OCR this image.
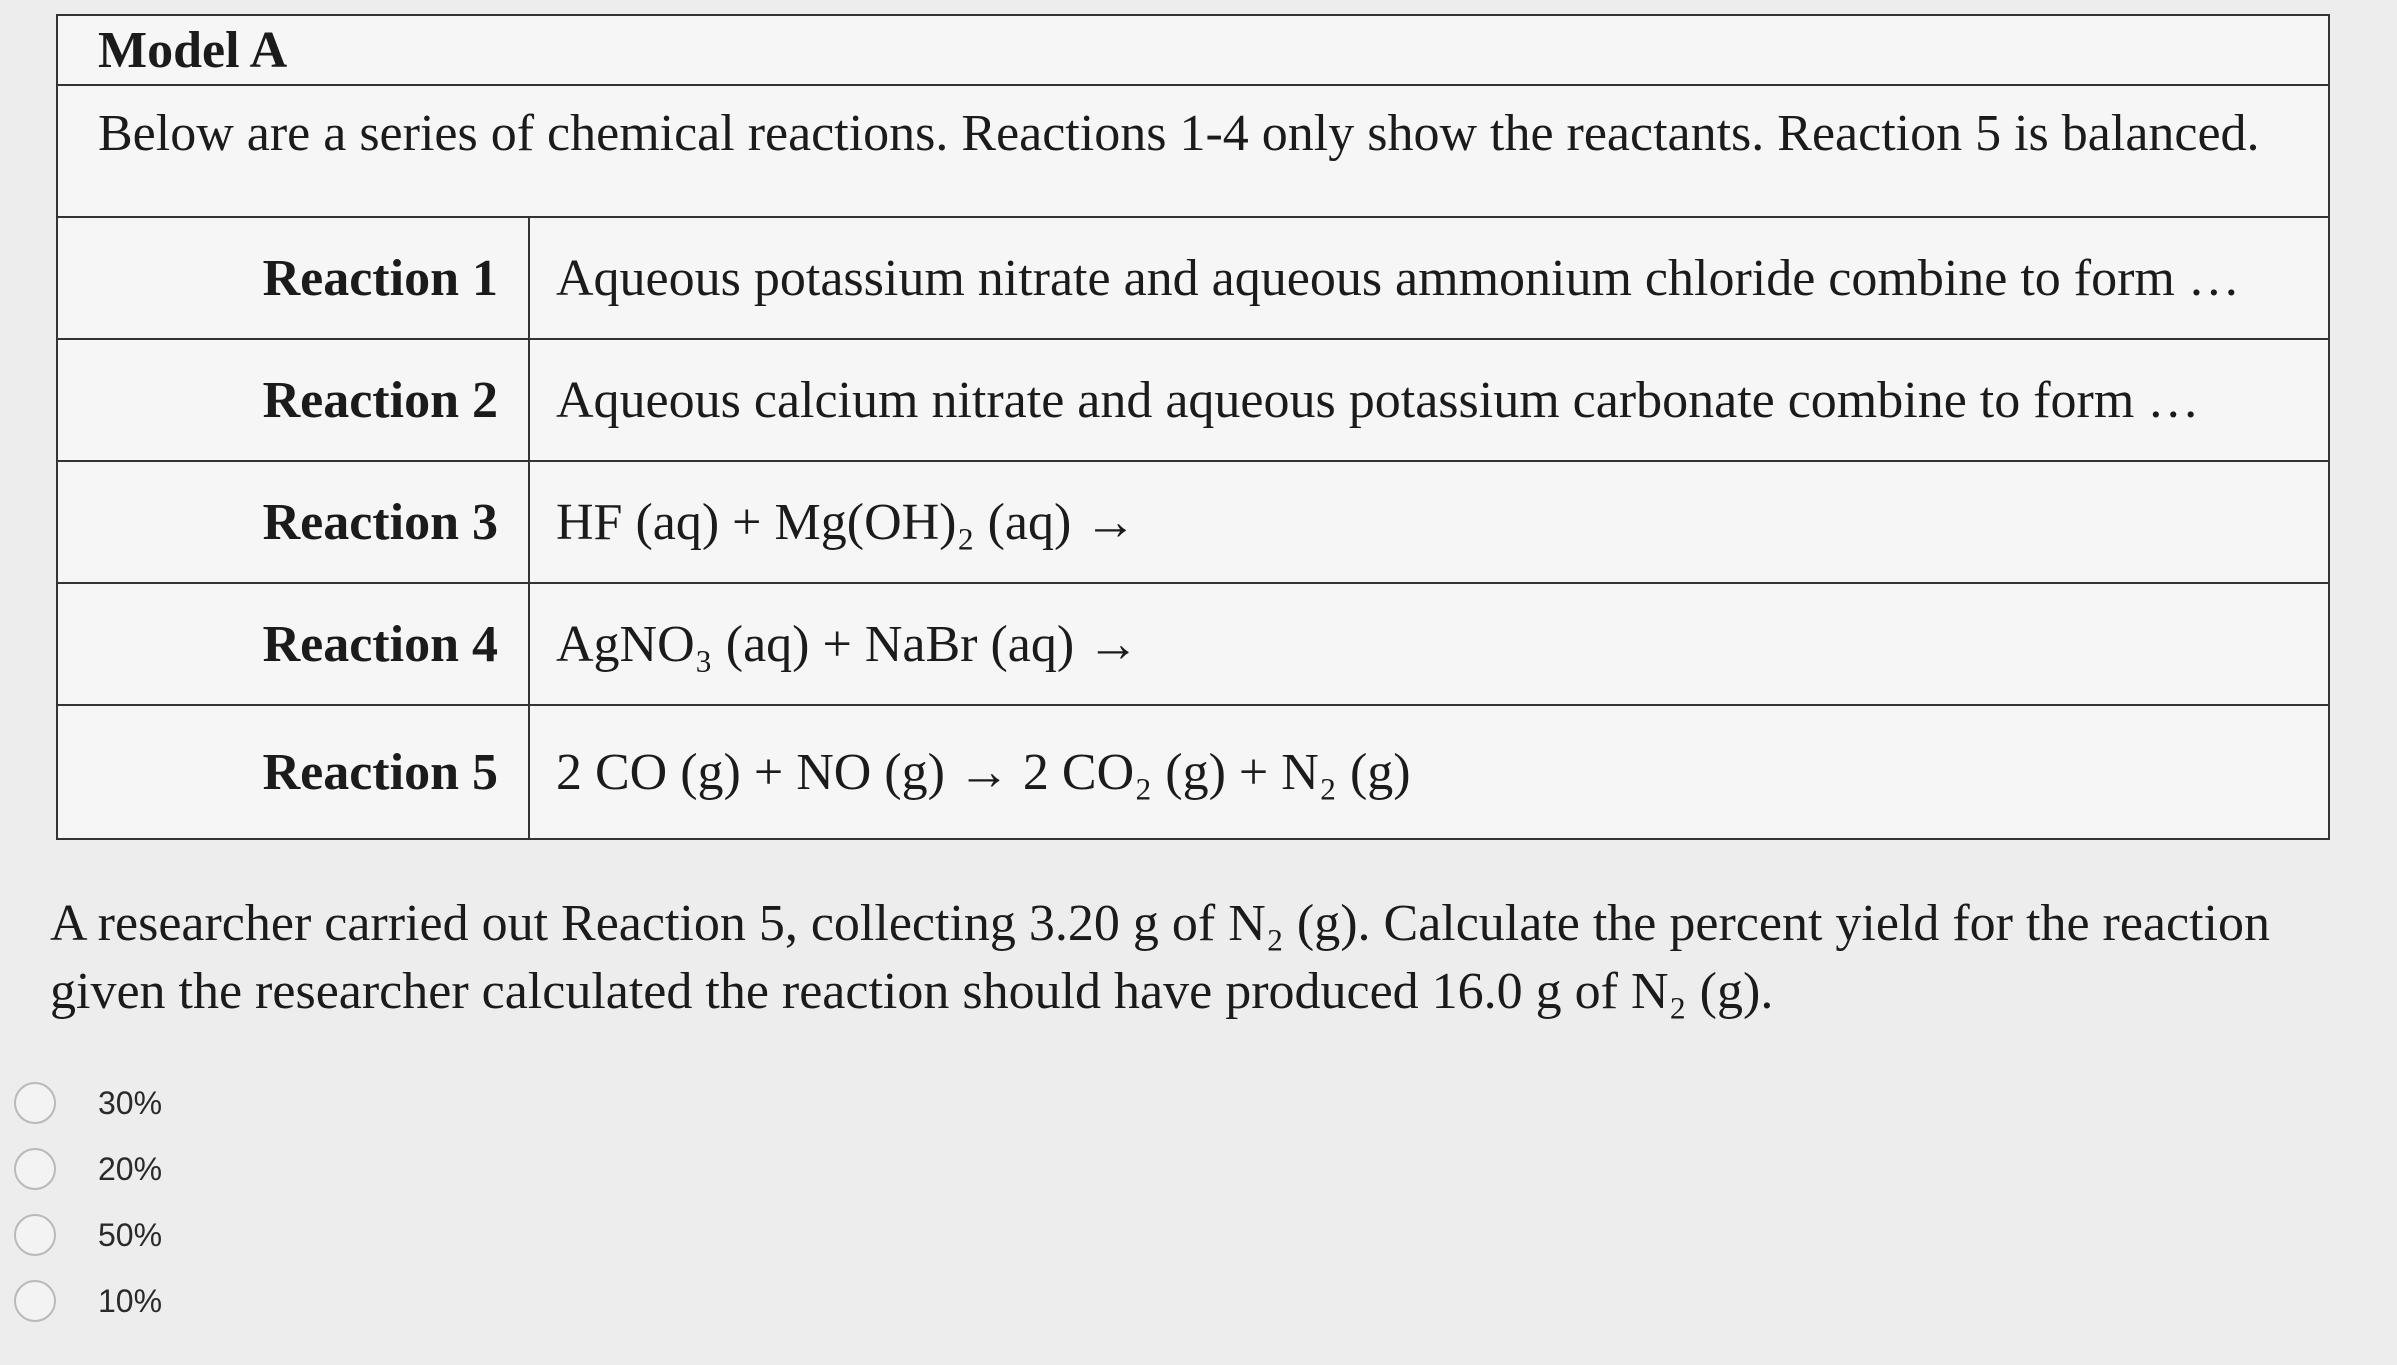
Model A	
Below are a series of chemical reactions. Reactions 1-4 only show the reactants. Reaction 5 is balanced.	
Reaction 1	Aqueous potassium nitrate and aqueous ammonium chloride combine to form …
Reaction 2	Aqueous calcium nitrate and aqueous potassium carbonate combine to form …
Reaction 3	HF (aq) + Mg(OH)₂ (aq) →
Reaction 4	AgNO₃ (aq) + NaBr (aq) →
Reaction 5	2 CO (g) + NO (g) → 2 CO₂ (g) + N₂ (g)
A researcher carried out Reaction 5, collecting 3.20 g of N₂ (g). Calculate the percent yield for the reaction given the researcher calculated the reaction should have produced 16.0 g of N₂ (g).
30%
20%
50%
10%
